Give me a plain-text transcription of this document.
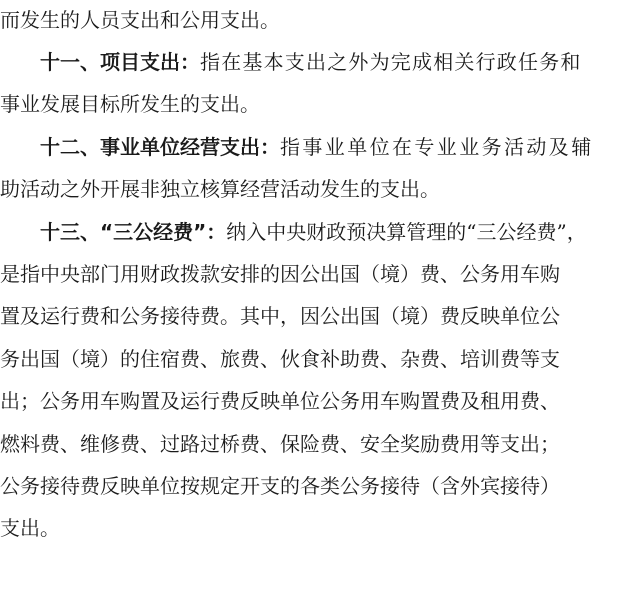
而发生的人员支出和公用支出。
十一、项目支出：指在基本支出之外为完成相关行政任务和
事业发展目标所发生的支出。
十二、事业单位经营支出：指事业单位在专业业务活动及辅
助活动之外开展非独立核算经营活动发生的支出。
十三、“三公经费”：纳入中央财政预决算管理的“三公经费”，
是指中央部门用财政拨款安排的因公出国（境）费、公务用车购
置及运行费和公务接待费。其中，因公出国（境）费反映单位公
务出国（境）的住宿费、旅费、伙食补助费、杂费、培训费等支
出；公务用车购置及运行费反映单位公务用车购置费及租用费、
燃料费、维修费、过路过桥费、保险费、安全奖励费用等支出；
公务接待费反映单位按规定开支的各类公务接待（含外宾接待）
支出。
